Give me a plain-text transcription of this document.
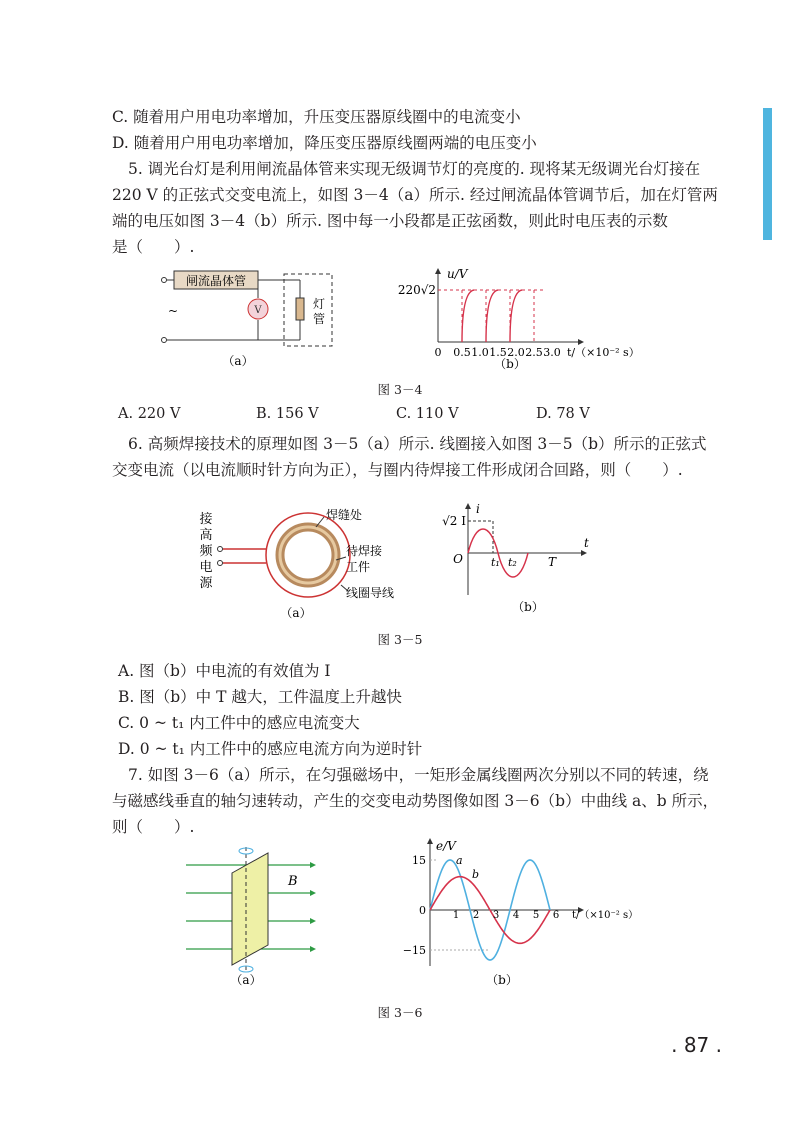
C. 随着用户用电功率增加，升压变压器原线圈中的电流变小
D. 随着用户用电功率增加，降压变压器原线圈两端的电压变小
5. 调光台灯是利用闸流晶体管来实现无级调节灯的亮度的. 现将某无级调光台灯接在
220 V 的正弦式交变电流上，如图 3－4（a）所示. 经过闸流晶体管调节后，加在灯管两
端的电压如图 3－4（b）所示. 图中每一小段都是正弦函数，则此时电压表的示数
是（　　）.
闸流晶体管
V	灯
管
~
（a）
u/V
220√2
0 0.5 1.0 1.5 2.0 2.5 3.0 t/（×10⁻² s）
（b）
图 3－4
A. 220 V	B. 156 V	C. 110 V	D. 78 V
6. 高频焊接技术的原理如图 3－5（a）所示. 线圈接入如图 3－5（b）所示的正弦式
交变电流（以电流顺时针方向为正），与圈内待焊接工件形成闭合回路，则（　　）.
接
高
频
电
源
焊缝处
待焊接
工件
线圈导线
（a）
i
√2 I
O
t
t₁ t₂	T
（b）
图 3－5
A. 图（b）中电流的有效值为 I
B. 图（b）中 T 越大，工件温度上升越快
C. 0 ~ t₁ 内工件中的感应电流变大
D. 0 ~ t₁ 内工件中的感应电流方向为逆时针
7. 如图 3－6（a）所示，在匀强磁场中，一矩形金属线圈两次分别以不同的转速，绕
与磁感线垂直的轴匀速转动，产生的交变电动势图像如图 3－6（b）中曲线 a、b 所示，
则（　　）.
B
（a）
e/V
15
−15
0	1 2 3 4 5 6
a
b
t/（×10⁻² s）
（b）
图 3－6
. 87 .
